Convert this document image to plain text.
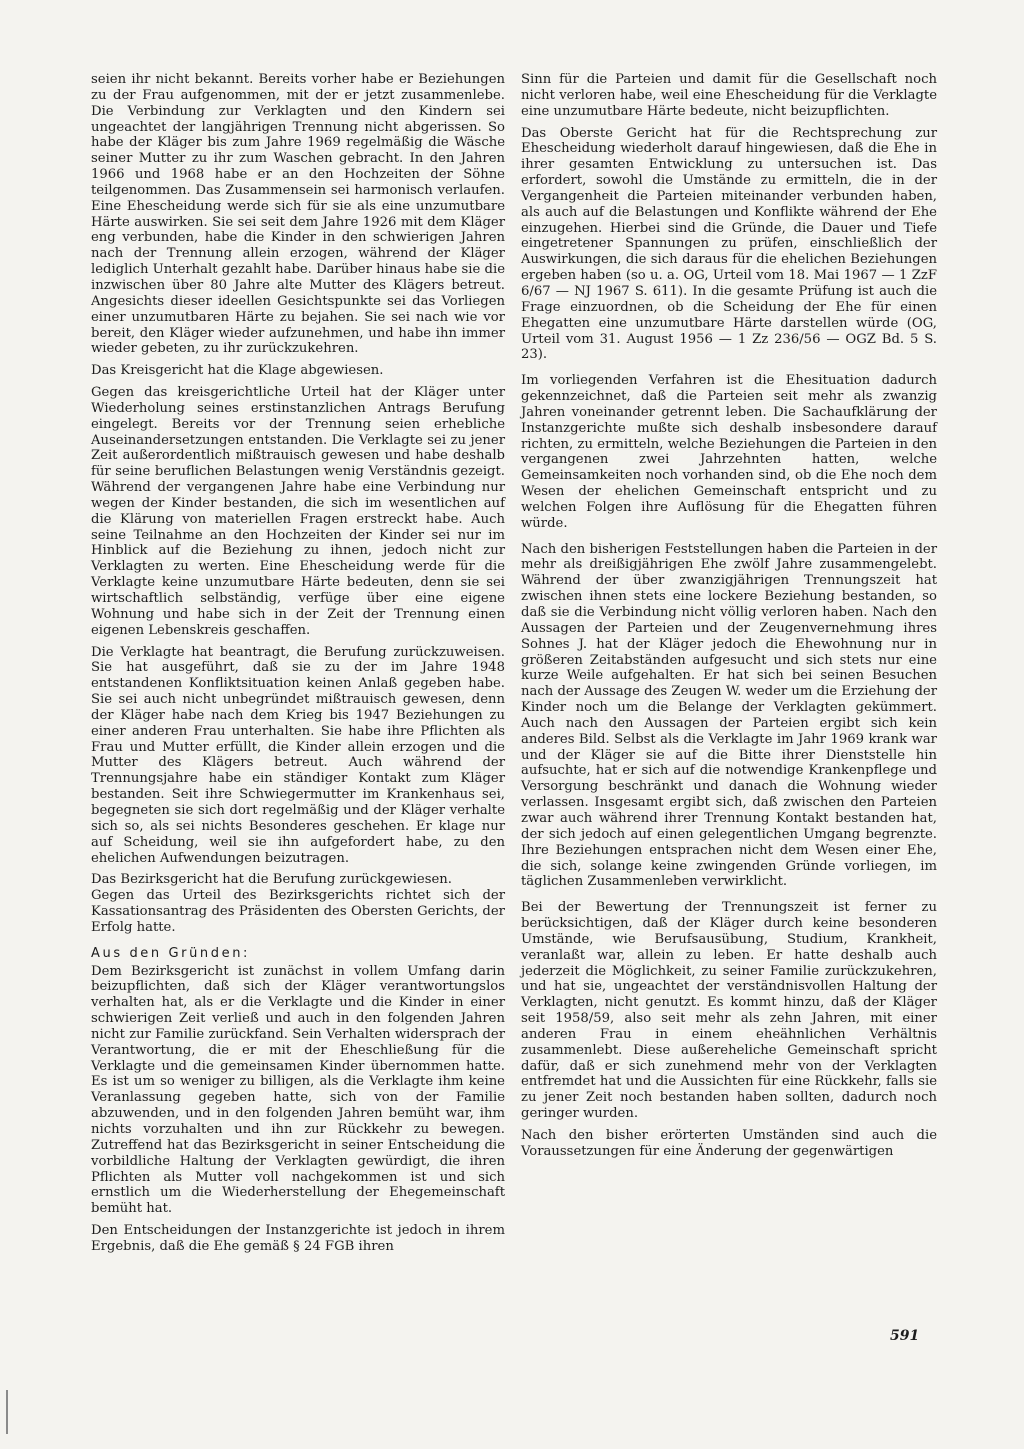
seien ihr nicht bekannt. Bereits vorher habe er Beziehungen zu der Frau aufgenommen, mit der er jetzt zusammenlebe. Die Verbindung zur Verklagten und den Kindern sei ungeachtet der langjährigen Trennung nicht abgerissen. So habe der Kläger bis zum Jahre 1969 regelmäßig die Wäsche seiner Mutter zu ihr zum Waschen gebracht. In den Jahren 1966 und 1968 habe er an den Hochzeiten der Söhne teilgenommen. Das Zusammensein sei harmonisch verlaufen. Eine Ehescheidung werde sich für sie als eine unzumutbare Härte auswirken. Sie sei seit dem Jahre 1926 mit dem Kläger eng verbunden, habe die Kinder in den schwierigen Jahren nach der Trennung allein erzogen, während der Kläger lediglich Unterhalt gezahlt habe. Darüber hinaus habe sie die inzwischen über 80 Jahre alte Mutter des Klägers betreut. Angesichts dieser ideellen Gesichtspunkte sei das Vorliegen einer unzumutbaren Härte zu bejahen. Sie sei nach wie vor bereit, den Kläger wieder aufzunehmen, und habe ihn immer wieder gebeten, zu ihr zurückzukehren.

Das Kreisgericht hat die Klage abgewiesen.

Gegen das kreisgerichtliche Urteil hat der Kläger unter Wiederholung seines erstinstanzlichen Antrags Berufung eingelegt. Bereits vor der Trennung seien erhebliche Auseinandersetzungen entstanden. Die Verklagte sei zu jener Zeit außerordentlich mißtrauisch gewesen und habe deshalb für seine beruflichen Belastungen wenig Verständnis gezeigt. Während der vergangenen Jahre habe eine Verbindung nur wegen der Kinder bestanden, die sich im wesentlichen auf die Klärung von materiellen Fragen erstreckt habe. Auch seine Teilnahme an den Hochzeiten der Kinder sei nur im Hinblick auf die Beziehung zu ihnen, jedoch nicht zur Verklagten zu werten. Eine Ehescheidung werde für die Verklagte keine unzumutbare Härte bedeuten, denn sie sei wirtschaftlich selbständig, verfüge über eine eigene Wohnung und habe sich in der Zeit der Trennung einen eigenen Lebenskreis geschaffen.

Die Verklagte hat beantragt, die Berufung zurückzuweisen. Sie hat ausgeführt, daß sie zu der im Jahre 1948 entstandenen Konfliktsituation keinen Anlaß gegeben habe. Sie sei auch nicht unbegründet mißtrauisch gewesen, denn der Kläger habe nach dem Krieg bis 1947 Beziehungen zu einer anderen Frau unterhalten. Sie habe ihre Pflichten als Frau und Mutter erfüllt, die Kinder allein erzogen und die Mutter des Klägers betreut. Auch während der Trennungsjahre habe ein ständiger Kontakt zum Kläger bestanden. Seit ihre Schwiegermutter im Krankenhaus sei, begegneten sie sich dort regelmäßig und der Kläger verhalte sich so, als sei nichts Besonderes geschehen. Er klage nur auf Scheidung, weil sie ihn aufgefordert habe, zu den ehelichen Aufwendungen beizutragen.

Das Bezirksgericht hat die Berufung zurückgewiesen.

Gegen das Urteil des Bezirksgerichts richtet sich der Kassationsantrag des Präsidenten des Obersten Gerichts, der Erfolg hatte.

Aus den Gründen:

Dem Bezirksgericht ist zunächst in vollem Umfang darin beizupflichten, daß sich der Kläger verantwortungslos verhalten hat, als er die Verklagte und die Kinder in einer schwierigen Zeit verließ und auch in den folgenden Jahren nicht zur Familie zurückfand. Sein Verhalten widersprach der Verantwortung, die er mit der Eheschließung für die Verklagte und die gemeinsamen Kinder übernommen hatte. Es ist um so weniger zu billigen, als die Verklagte ihm keine Veranlassung gegeben hatte, sich von der Familie abzuwenden, und in den folgenden Jahren bemüht war, ihm nichts vorzuhalten und ihn zur Rückkehr zu bewegen. Zutreffend hat das Bezirksgericht in seiner Entscheidung die vorbildliche Haltung der Verklagten gewürdigt, die ihren Pflichten als Mutter voll nachgekommen ist und sich ernstlich um die Wiederherstellung der Ehegemeinschaft bemüht hat.

Den Entscheidungen der Instanzgerichte ist jedoch in ihrem Ergebnis, daß die Ehe gemäß § 24 FGB ihren

Sinn für die Parteien und damit für die Gesellschaft noch nicht verloren habe, weil eine Ehescheidung für die Verklagte eine unzumutbare Härte bedeute, nicht beizupflichten.

Das Oberste Gericht hat für die Rechtsprechung zur Ehescheidung wiederholt darauf hingewiesen, daß die Ehe in ihrer gesamten Entwicklung zu untersuchen ist. Das erfordert, sowohl die Umstände zu ermitteln, die in der Vergangenheit die Parteien miteinander verbunden haben, als auch auf die Belastungen und Konflikte während der Ehe einzugehen. Hierbei sind die Gründe, die Dauer und Tiefe eingetretener Spannungen zu prüfen, einschließlich der Auswirkungen, die sich daraus für die ehelichen Beziehungen ergeben haben (so u. a. OG, Urteil vom 18. Mai 1967 — 1 ZzF 6/67 — NJ 1967 S. 611). In die gesamte Prüfung ist auch die Frage einzuordnen, ob die Scheidung der Ehe für einen Ehegatten eine unzumutbare Härte darstellen würde (OG, Urteil vom 31. August 1956 — 1 Zz 236/56 — OGZ Bd. 5 S. 23).

Im vorliegenden Verfahren ist die Ehesituation dadurch gekennzeichnet, daß die Parteien seit mehr als zwanzig Jahren voneinander getrennt leben. Die Sachaufklärung der Instanzgerichte mußte sich deshalb insbesondere darauf richten, zu ermitteln, welche Beziehungen die Parteien in den vergangenen zwei Jahrzehnten hatten, welche Gemeinsamkeiten noch vorhanden sind, ob die Ehe noch dem Wesen der ehelichen Gemeinschaft entspricht und zu welchen Folgen ihre Auflösung für die Ehegatten führen würde.

Nach den bisherigen Feststellungen haben die Parteien in der mehr als dreißigjährigen Ehe zwölf Jahre zusammengelebt. Während der über zwanzigjährigen Trennungszeit hat zwischen ihnen stets eine lockere Beziehung bestanden, so daß sie die Verbindung nicht völlig verloren haben. Nach den Aussagen der Parteien und der Zeugenvernehmung ihres Sohnes J. hat der Kläger jedoch die Ehewohnung nur in größeren Zeitabständen aufgesucht und sich stets nur eine kurze Weile aufgehalten. Er hat sich bei seinen Besuchen nach der Aussage des Zeugen W. weder um die Erziehung der Kinder noch um die Belange der Verklagten gekümmert. Auch nach den Aussagen der Parteien ergibt sich kein anderes Bild. Selbst als die Verklagte im Jahr 1969 krank war und der Kläger sie auf die Bitte ihrer Dienststelle hin aufsuchte, hat er sich auf die notwendige Krankenpflege und Versorgung beschränkt und danach die Wohnung wieder verlassen. Insgesamt ergibt sich, daß zwischen den Parteien zwar auch während ihrer Trennung Kontakt bestanden hat, der sich jedoch auf einen gelegentlichen Umgang begrenzte. Ihre Beziehungen entsprachen nicht dem Wesen einer Ehe, die sich, solange keine zwingenden Gründe vorliegen, im täglichen Zusammenleben verwirklicht.

Bei der Bewertung der Trennungszeit ist ferner zu berücksichtigen, daß der Kläger durch keine besonderen Umstände, wie Berufsausübung, Studium, Krankheit, veranlaßt war, allein zu leben. Er hatte deshalb auch jederzeit die Möglichkeit, zu seiner Familie zurückzukehren, und hat sie, ungeachtet der verständnisvollen Haltung der Verklagten, nicht genutzt. Es kommt hinzu, daß der Kläger seit 1958/59, also seit mehr als zehn Jahren, mit einer anderen Frau in einem eheähnlichen Verhältnis zusammenlebt. Diese außereheliche Gemeinschaft spricht dafür, daß er sich zunehmend mehr von der Verklagten entfremdet hat und die Aussichten für eine Rückkehr, falls sie zu jener Zeit noch bestanden haben sollten, dadurch noch geringer wurden.

Nach den bisher erörterten Umständen sind auch die Voraussetzungen für eine Änderung der gegenwärtigen

591
